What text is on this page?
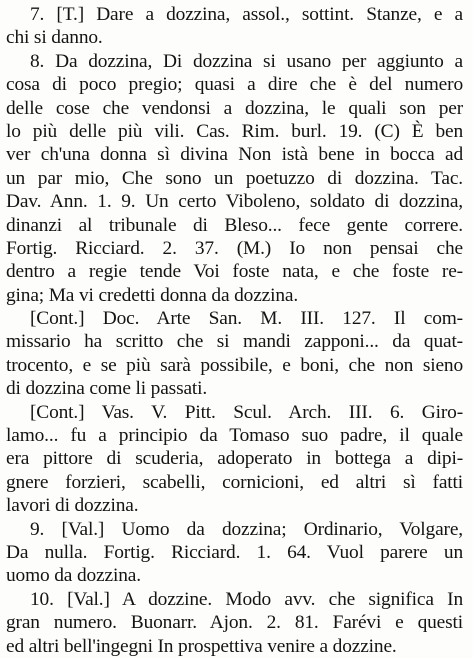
7. [T.] Dare a dozzina, assol., sottint. Stanze, e a
chi si danno.
8. Da dozzina, Di dozzina si usano per aggiunto a
cosa di poco pregio; quasi a dire che è del numero
delle cose che vendonsi a dozzina, le quali son per
lo più delle più vili. Cas. Rim. burl. 19. (C) È ben
ver ch'una donna sì divina Non istà bene in bocca ad
un par mio, Che sono un poetuzzo di dozzina. Tac.
Dav. Ann. 1. 9. Un certo Viboleno, soldato di dozzina,
dinanzi al tribunale di Bleso... fece gente correre.
Fortig. Ricciard. 2. 37. (M.) Io non pensai che
dentro a regie tende Voi foste nata, e che foste re-
gina; Ma vi credetti donna da dozzina.
[Cont.] Doc. Arte San. M. III. 127. Il com-
missario ha scritto che si mandi zapponi... da quat-
trocento, e se più sarà possibile, e boni, che non sieno
di dozzina come li passati.
[Cont.] Vas. V. Pitt. Scul. Arch. III. 6. Giro-
lamo... fu a principio da Tomaso suo padre, il quale
era pittore di scuderia, adoperato in bottega a dipi-
gnere forzieri, scabelli, cornicioni, ed altri sì fatti
lavori di dozzina.
9. [Val.] Uomo da dozzina; Ordinario, Volgare,
Da nulla. Fortig. Ricciard. 1. 64. Vuol parere un
uomo da dozzina.
10. [Val.] A dozzine. Modo avv. che significa In
gran numero. Buonarr. Ajon. 2. 81. Farévi e questi
ed altri bell'ingegni In prospettiva venire a dozzine.
